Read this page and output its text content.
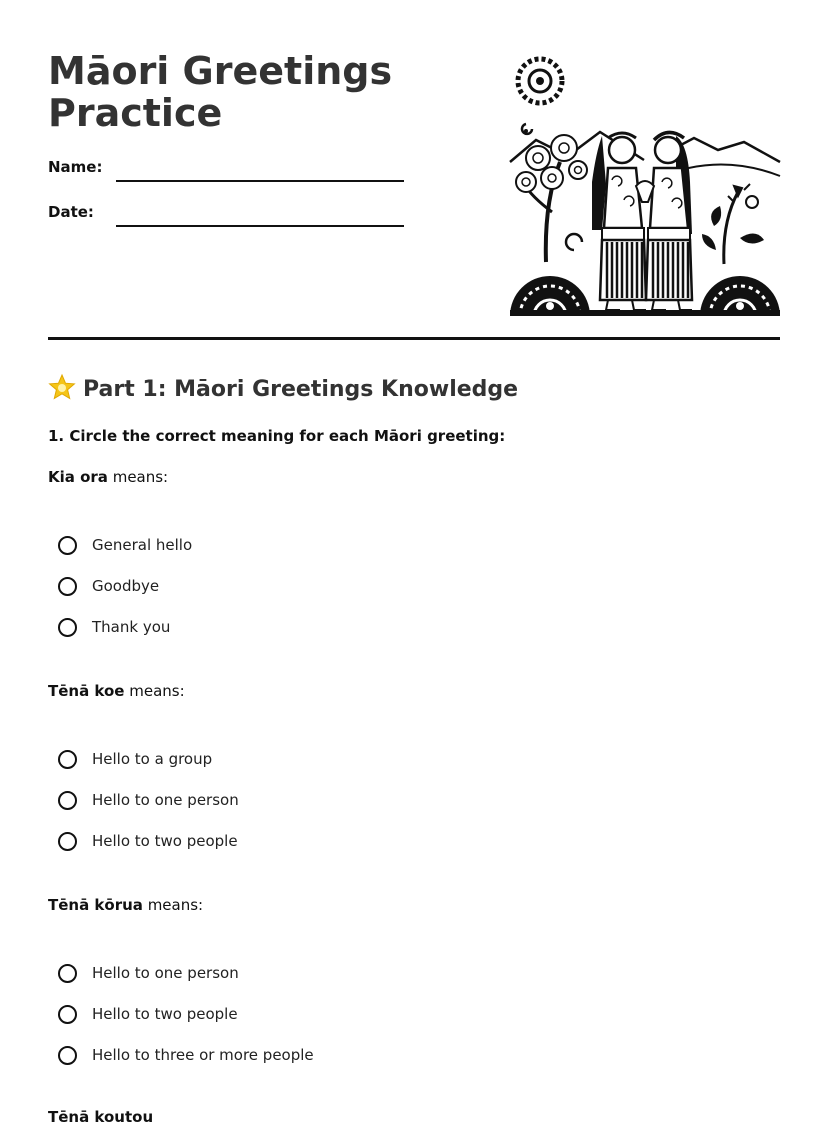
Māori Greetings
Practice
Name:
Date:
Part 1: Māori Greetings Knowledge
1. Circle the correct meaning for each Māori greeting:
Kia ora means:
General hello
Goodbye
Thank you
Tēnā koe means:
Hello to a group
Hello to one person
Hello to two people
Tēnā kōrua means:
Hello to one person
Hello to two people
Hello to three or more people
Tēnā koutou
